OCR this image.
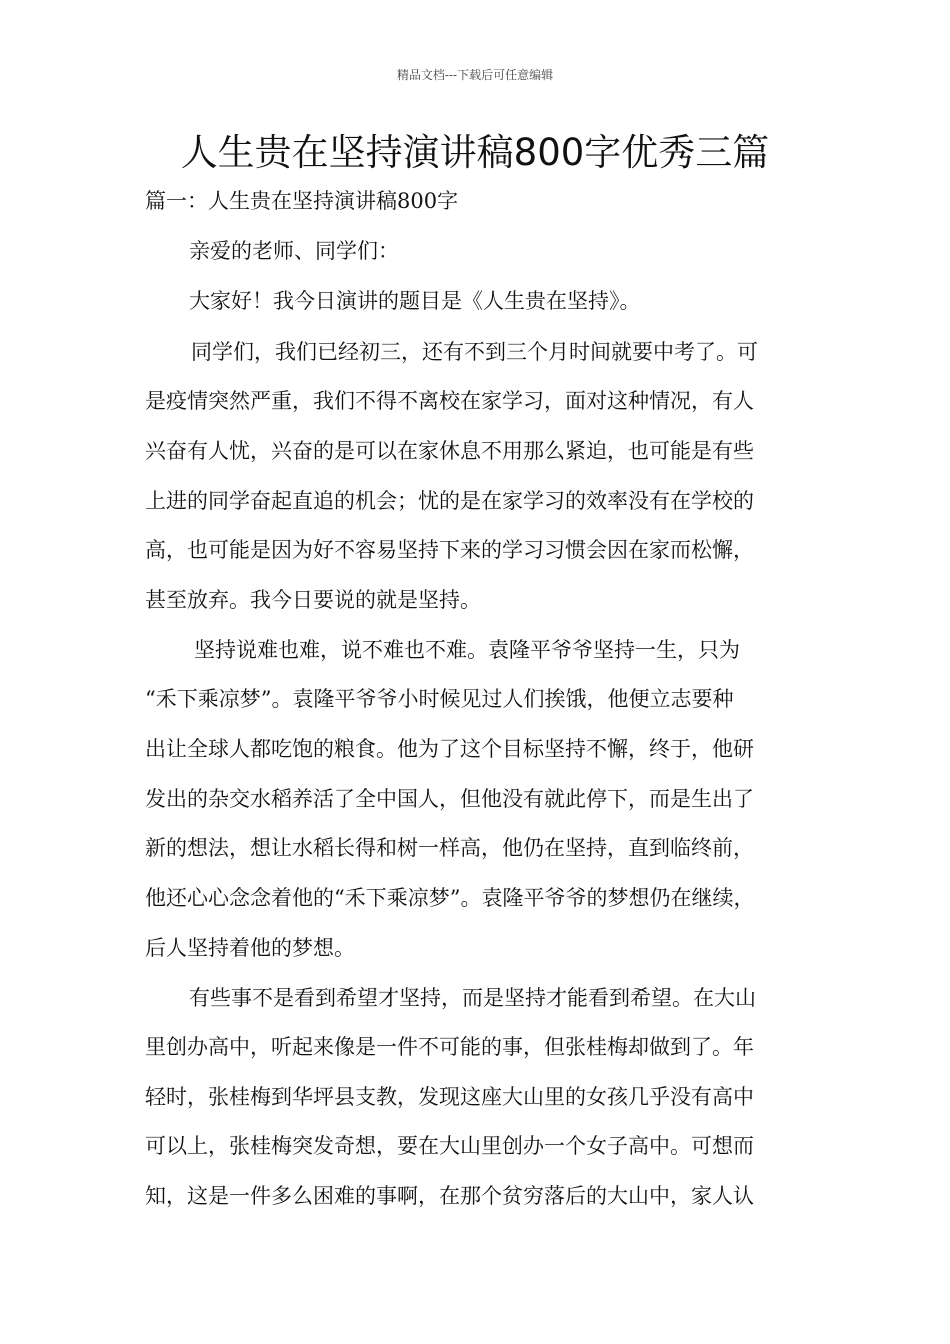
精品文档---下载后可任意编辑
人生贵在坚持演讲稿800字优秀三篇
篇一：人生贵在坚持演讲稿800字
亲爱的老师、同学们：
大家好！我今日演讲的题目是《人生贵在坚持》。
同学们，我们已经初三，还有不到三个月时间就要中考了。可
是疫情突然严重，我们不得不离校在家学习，面对这种情况，有人
兴奋有人忧，兴奋的是可以在家休息不用那么紧迫，也可能是有些
上进的同学奋起直追的机会；忧的是在家学习的效率没有在学校的
高，也可能是因为好不容易坚持下来的学习习惯会因在家而松懈，
甚至放弃。我今日要说的就是坚持。
坚持说难也难，说不难也不难。袁隆平爷爷坚持一生，只为
“禾下乘凉梦”。袁隆平爷爷小时候见过人们挨饿，他便立志要种
出让全球人都吃饱的粮食。他为了这个目标坚持不懈，终于，他研
发出的杂交水稻养活了全中国人，但他没有就此停下，而是生出了
新的想法，想让水稻长得和树一样高，他仍在坚持，直到临终前，
他还心心念念着他的“禾下乘凉梦”。袁隆平爷爷的梦想仍在继续，
后人坚持着他的梦想。
有些事不是看到希望才坚持，而是坚持才能看到希望。在大山
里创办高中，听起来像是一件不可能的事，但张桂梅却做到了。年
轻时，张桂梅到华坪县支教，发现这座大山里的女孩几乎没有高中
可以上，张桂梅突发奇想，要在大山里创办一个女子高中。可想而
知，这是一件多么困难的事啊，在那个贫穷落后的大山中，家人认
